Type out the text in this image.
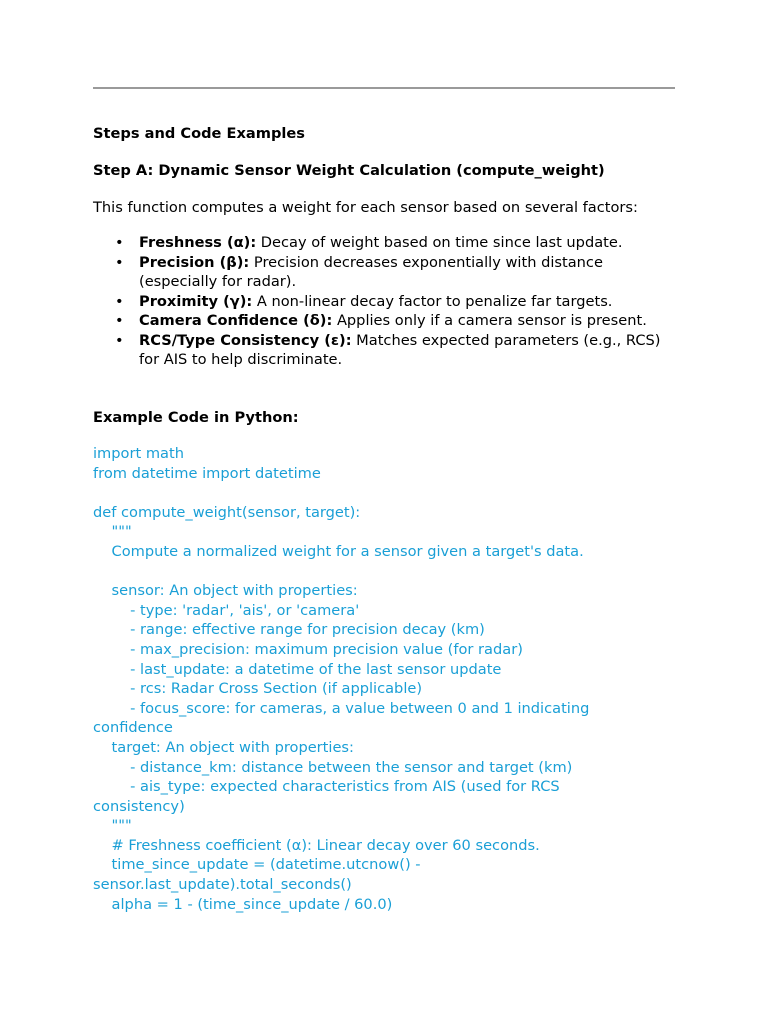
Steps and Code Examples
Step A: Dynamic Sensor Weight Calculation (compute_weight)
This function computes a weight for each sensor based on several factors:
• Freshness (α): Decay of weight based on time since last update.
• Precision (β): Precision decreases exponentially with distance (especially for radar).
• Proximity (γ): A non-linear decay factor to penalize far targets.
• Camera Confidence (δ): Applies only if a camera sensor is present.
• RCS/Type Consistency (ε): Matches expected parameters (e.g., RCS) for AIS to help discriminate.
Example Code in Python:
import math
from datetime import datetime
def compute_weight(sensor, target):
"""
Compute a normalized weight for a sensor given a target's data.
sensor: An object with properties:
- type: 'radar', 'ais', or 'camera'
- range: effective range for precision decay (km)
- max_precision: maximum precision value (for radar)
- last_update: a datetime of the last sensor update
- rcs: Radar Cross Section (if applicable)
- focus_score: for cameras, a value between 0 and 1 indicating
confidence
target: An object with properties:
- distance_km: distance between the sensor and target (km)
- ais_type: expected characteristics from AIS (used for RCS
consistency)
"""
# Freshness coefficient (α): Linear decay over 60 seconds.
time_since_update = (datetime.utcnow() -
sensor.last_update).total_seconds()
alpha = 1 - (time_since_update / 60.0)
